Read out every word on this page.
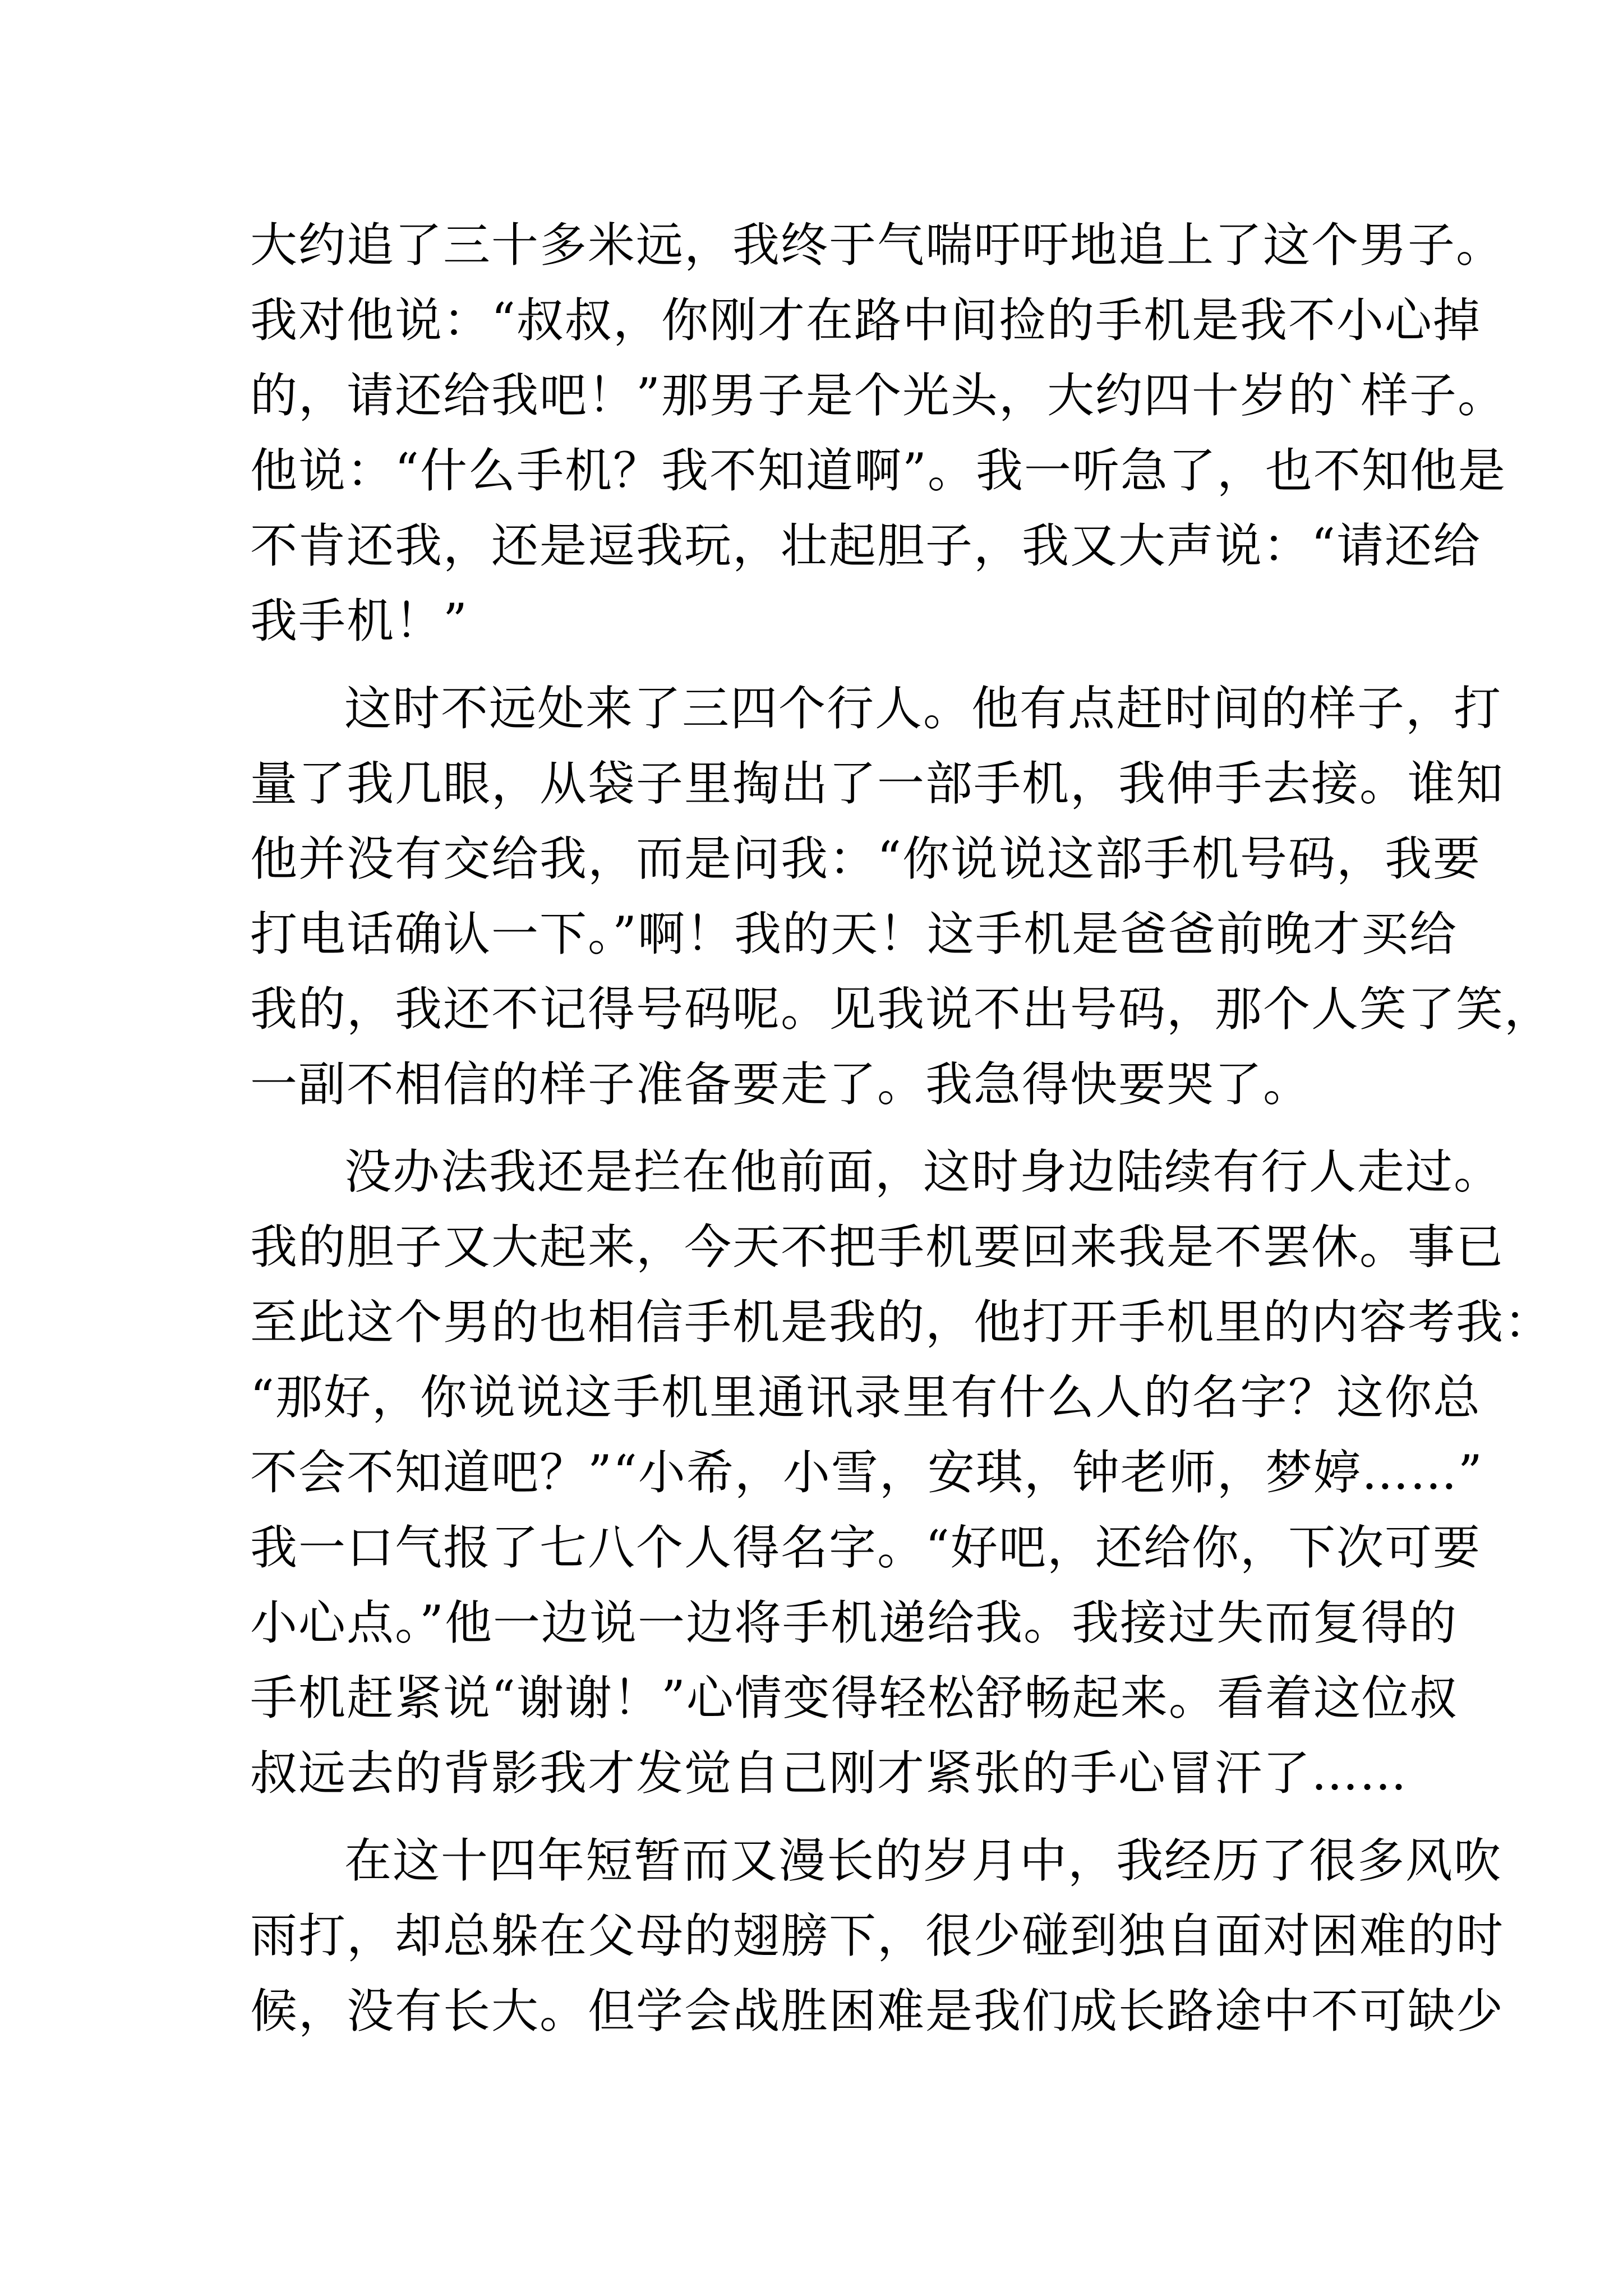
大约追了三十多米远，我终于气喘吁吁地追上了这个男子。
我对他说：“叔叔，你刚才在路中间捡的手机是我不小心掉
的，请还给我吧！”那男子是个光头，大约四十岁的`样子。
他说：“什么手机？我不知道啊”。我一听急了，也不知他是
不肯还我，还是逗我玩，壮起胆子，我又大声说：“请还给
我手机！”
这时不远处来了三四个行人。他有点赶时间的样子，打
量了我几眼，从袋子里掏出了一部手机，我伸手去接。谁知
他并没有交给我，而是问我：“你说说这部手机号码，我要
打电话确认一下。”啊！我的天！这手机是爸爸前晚才买给
我的，我还不记得号码呢。见我说不出号码，那个人笑了笑，
一副不相信的样子准备要走了。我急得快要哭了。
没办法我还是拦在他前面，这时身边陆续有行人走过。
我的胆子又大起来，今天不把手机要回来我是不罢休。事已
至此这个男的也相信手机是我的，他打开手机里的内容考我：
“那好，你说说这手机里通讯录里有什么人的名字？这你总
不会不知道吧？”“小希，小雪，安琪，钟老师，梦婷……”
我一口气报了七八个人得名字。“好吧，还给你，下次可要
小心点。”他一边说一边将手机递给我。我接过失而复得的
手机赶紧说“谢谢！”心情变得轻松舒畅起来。看着这位叔
叔远去的背影我才发觉自己刚才紧张的手心冒汗了……
在这十四年短暂而又漫长的岁月中，我经历了很多风吹
雨打，却总躲在父母的翅膀下，很少碰到独自面对困难的时
候，没有长大。但学会战胜困难是我们成长路途中不可缺少
